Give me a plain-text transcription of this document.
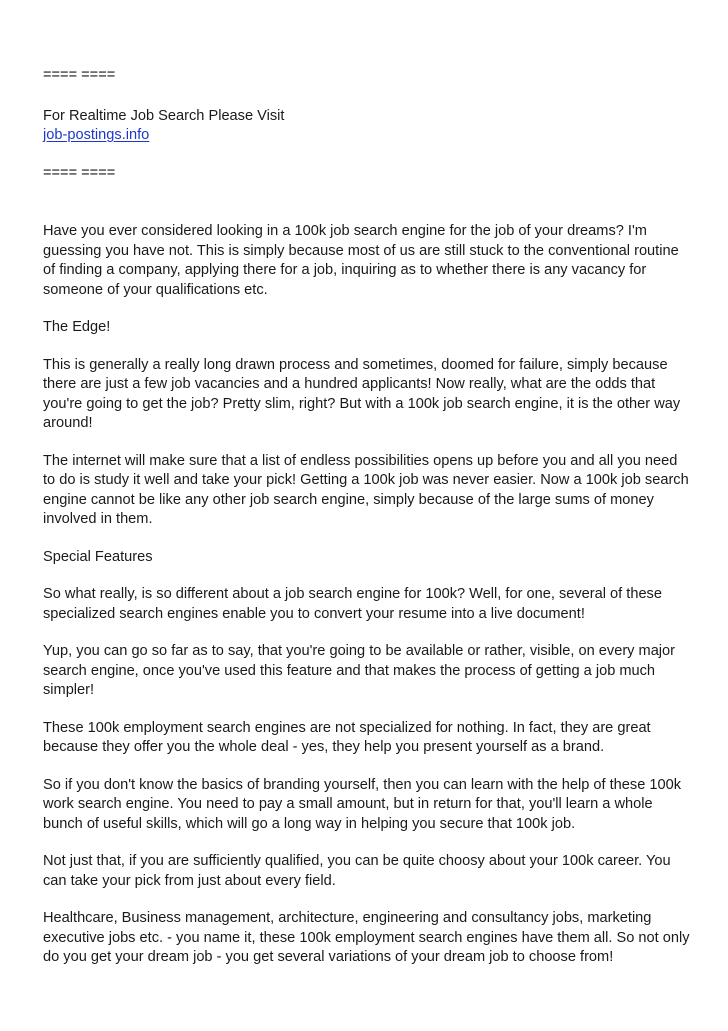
==== ====

For Realtime Job Search Please Visit

job-postings.info

==== ====

Have you ever considered looking in a 100k job search engine for the job of your dreams? I'm guessing you have not. This is simply because most of us are still stuck to the conventional routine of finding a company, applying there for a job, inquiring as to whether there is any vacancy for someone of your qualifications etc.

The Edge!

This is generally a really long drawn process and sometimes, doomed for failure, simply because there are just a few job vacancies and a hundred applicants! Now really, what are the odds that you're going to get the job? Pretty slim, right? But with a 100k job search engine, it is the other way around!

The internet will make sure that a list of endless possibilities opens up before you and all you need to do is study it well and take your pick! Getting a 100k job was never easier. Now a 100k job search engine cannot be like any other job search engine, simply because of the large sums of money involved in them.

Special Features

So what really, is so different about a job search engine for 100k? Well, for one, several of these specialized search engines enable you to convert your resume into a live document!

Yup, you can go so far as to say, that you're going to be available or rather, visible, on every major search engine, once you've used this feature and that makes the process of getting a job much simpler!

These 100k employment search engines are not specialized for nothing. In fact, they are great because they offer you the whole deal - yes, they help you present yourself as a brand.

So if you don't know the basics of branding yourself, then you can learn with the help of these 100k work search engine. You need to pay a small amount, but in return for that, you'll learn a whole bunch of useful skills, which will go a long way in helping you secure that 100k job.

Not just that, if you are sufficiently qualified, you can be quite choosy about your 100k career. You can take your pick from just about every field.

Healthcare, Business management, architecture, engineering and consultancy jobs, marketing executive jobs etc. - you name it, these 100k employment search engines have them all. So not only do you get your dream job - you get several variations of your dream job to choose from!
